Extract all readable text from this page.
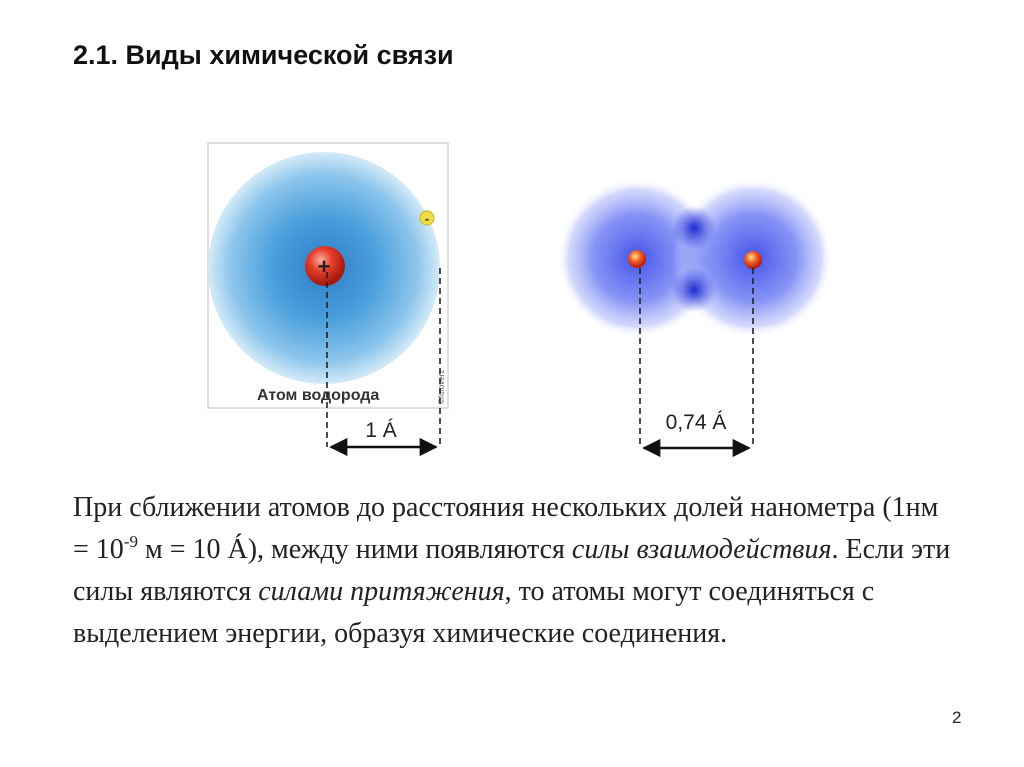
2.1. Виды химической связи
+
-
Атом водорода	©fotoverz
1 Á	0,74 Á
При сближении атомов до расстояния нескольких долей нанометра ($1нм = 10^{-9}$ м = 10 Á), между ними появляются силы взаимодействия. Если эти силы являются силами притяжения, то атомы могут соединяться с выделением энергии, образуя химические соединения.
2
